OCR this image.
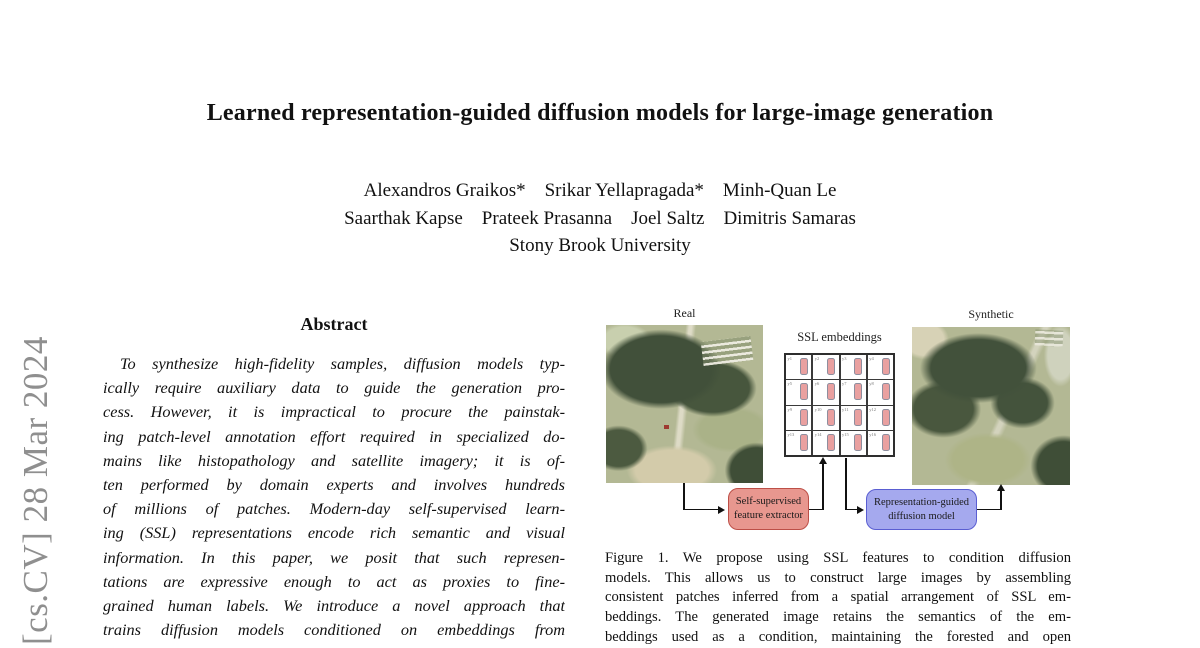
[cs.CV] 28 Mar 2024
Learned representation-guided diffusion models for large-image generation
Alexandros Graikos*    Srikar Yellapragada*    Minh-Quan Le
Saarthak Kapse    Prateek Prasanna    Joel Saltz    Dimitris Samaras
Stony Brook University
Abstract
To synthesize high-fidelity samples, diffusion models typ-
ically require auxiliary data to guide the generation pro-
cess. However, it is impractical to procure the painstak-
ing patch-level annotation effort required in specialized do-
mains like histopathology and satellite imagery; it is of-
ten performed by domain experts and involves hundreds
of millions of patches. Modern-day self-supervised learn-
ing (SSL) representations encode rich semantic and visual
information. In this paper, we posit that such represen-
tations are expressive enough to act as proxies to fine-
grained human labels. We introduce a novel approach that
trains diffusion models conditioned on embeddings from
Real
SSL embeddings
Synthetic
y1	y2	y3	y4
y5	y6	y7	y8
y9	y10	y11	y12
y13	y14	y15	y16
Self-supervised
feature extractor
Representation-guided
diffusion model
Figure 1. We propose using SSL features to condition diffusion
models. This allows us to construct large images by assembling
consistent patches inferred from a spatial arrangement of SSL em-
beddings. The generated image retains the semantics of the em-
beddings used as a condition, maintaining the forested and open
